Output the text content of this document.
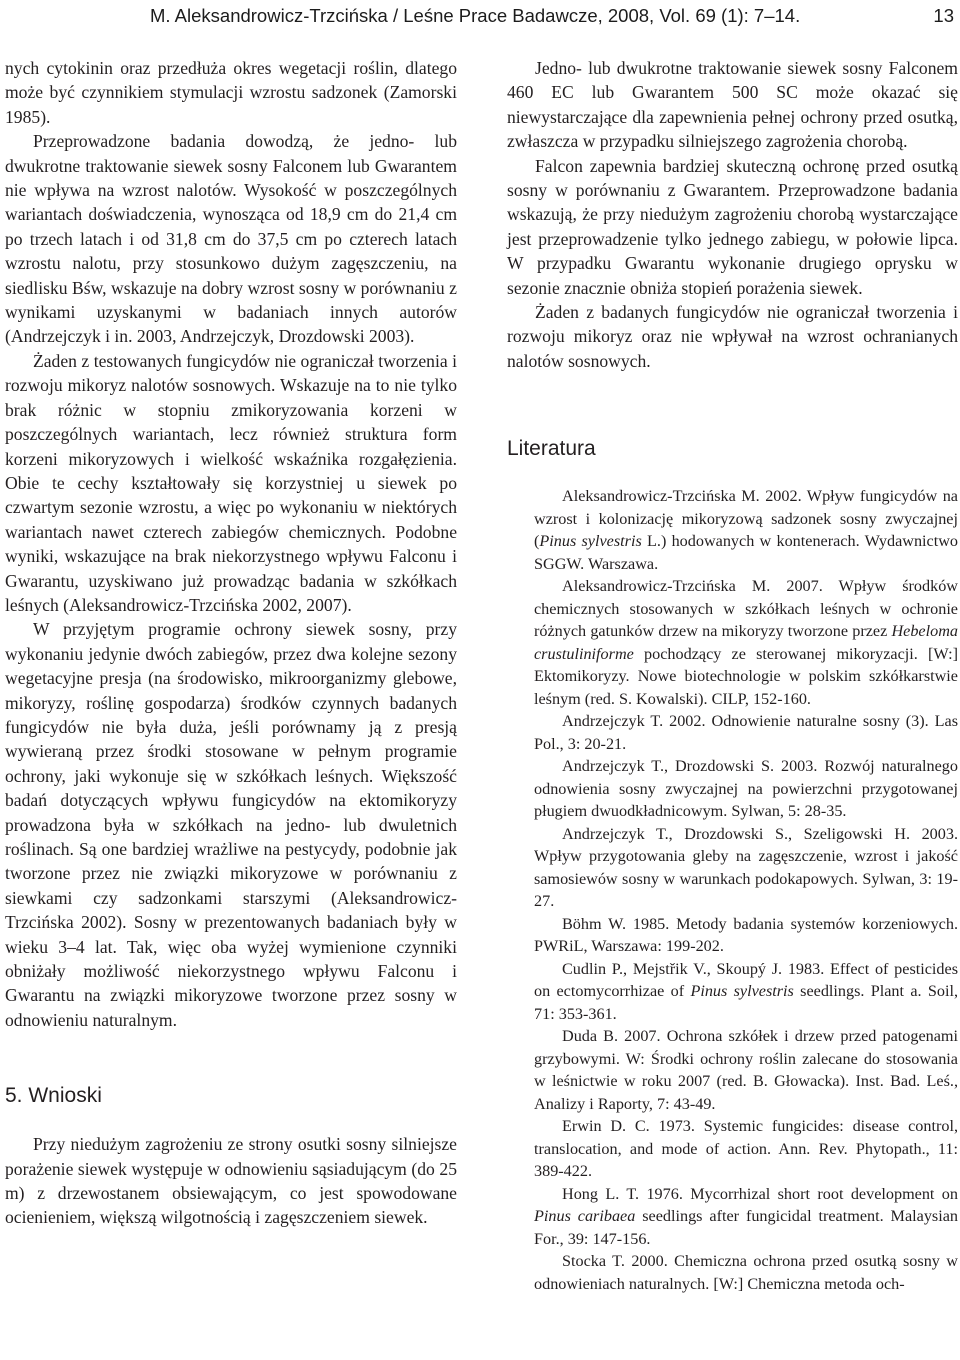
M. Aleksandrowicz-Trzcińska / Leśne Prace Badawcze, 2008, Vol. 69 (1): 7–14.	13

nych cytokinin oraz przedłuża okres wegetacji roślin, dlatego może być czynnikiem stymulacji wzrostu sadzonek (Zamorski 1985).

Przeprowadzone badania dowodzą, że jedno- lub dwukrotne traktowanie siewek sosny Falconem lub Gwarantem nie wpływa na wzrost nalotów. Wysokość w poszczególnych wariantach doświadczenia, wynosząca od 18,9 cm do 21,4 cm po trzech latach i od 31,8 cm do 37,5 cm po czterech latach wzrostu nalotu, przy stosunkowo dużym zagęszczeniu, na siedlisku Bśw, wskazuje na dobry wzrost sosny w porównaniu z wynikami uzyskanymi w badaniach innych autorów (Andrzejczyk i in. 2003, Andrzejczyk, Drozdowski 2003).

Żaden z testowanych fungicydów nie ograniczał tworzenia i rozwoju mikoryz nalotów sosnowych. Wskazuje na to nie tylko brak różnic w stopniu zmikoryzowania korzeni w poszczególnych wariantach, lecz również struktura form korzeni mikoryzowych i wielkość wskaźnika rozgałęzienia. Obie te cechy kształtowały się korzystniej u siewek po czwartym sezonie wzrostu, a więc po wykonaniu w niektórych wariantach nawet czterech zabiegów chemicznych. Podobne wyniki, wskazujące na brak niekorzystnego wpływu Falconu i Gwarantu, uzyskiwano już prowadząc badania w szkółkach leśnych (Aleksandrowicz-Trzcińska 2002, 2007).

W przyjętym programie ochrony siewek sosny, przy wykonaniu jedynie dwóch zabiegów, przez dwa kolejne sezony wegetacyjne presja (na środowisko, mikroorganizmy glebowe, mikoryzy, roślinę gospodarza) środków czynnych badanych fungicydów nie była duża, jeśli porównamy ją z presją wywieraną przez środki stosowane w pełnym programie ochrony, jaki wykonuje się w szkółkach leśnych. Większość badań dotyczących wpływu fungicydów na ektomikoryzy prowadzona była w szkółkach na jedno- lub dwuletnich roślinach. Są one bardziej wrażliwe na pestycydy, podobnie jak tworzone przez nie związki mikoryzowe w porównaniu z siewkami czy sadzonkami starszymi (Aleksandrowicz-Trzcińska 2002). Sosny w prezentowanych badaniach były w wieku 3–4 lat. Tak, więc oba wyżej wymienione czynniki obniżały możliwość niekorzystnego wpływu Falconu i Gwarantu na związki mikoryzowe tworzone przez sosny w odnowieniu naturalnym.

5. Wnioski

Przy niedużym zagrożeniu ze strony osutki sosny silniejsze porażenie siewek występuje w odnowieniu sąsiadującym (do 25 m) z drzewostanem obsiewającym, co jest spowodowane ocienieniem, większą wilgotnością i zagęszczeniem siewek.

Jedno- lub dwukrotne traktowanie siewek sosny Falconem 460 EC lub Gwarantem 500 SC może okazać się niewystarczające dla zapewnienia pełnej ochrony przed osutką, zwłaszcza w przypadku silniejszego zagrożenia chorobą.

Falcon zapewnia bardziej skuteczną ochronę przed osutką sosny w porównaniu z Gwarantem. Przeprowadzone badania wskazują, że przy niedużym zagrożeniu chorobą wystarczające jest przeprowadzenie tylko jednego zabiegu, w połowie lipca. W przypadku Gwarantu wykonanie drugiego oprysku w sezonie znacznie obniża stopień porażenia siewek.

Żaden z badanych fungicydów nie ograniczał tworzenia i rozwoju mikoryz oraz nie wpływał na wzrost ochranianych nalotów sosnowych.

Literatura

Aleksandrowicz-Trzcińska M. 2002. Wpływ fungicydów na wzrost i kolonizację mikoryzową sadzonek sosny zwyczajnej (Pinus sylvestris L.) hodowanych w kontenerach. Wydawnictwo SGGW. Warszawa.

Aleksandrowicz-Trzcińska M. 2007. Wpływ środków chemicznych stosowanych w szkółkach leśnych w ochronie różnych gatunków drzew na mikoryzy tworzone przez Hebeloma crustuliniforme pochodzący ze sterowanej mikoryzacji. [W:] Ektomikoryzy. Nowe biotechnologie w polskim szkółkarstwie leśnym (red. S. Kowalski). CILP, 152-160.

Andrzejczyk T. 2002. Odnowienie naturalne sosny (3). Las Pol., 3: 20-21.

Andrzejczyk T., Drozdowski S. 2003. Rozwój naturalnego odnowienia sosny zwyczajnej na powierzchni przygotowanej pługiem dwuodkładnicowym. Sylwan, 5: 28-35.

Andrzejczyk T., Drozdowski S., Szeligowski H. 2003. Wpływ przygotowania gleby na zagęszczenie, wzrost i jakość samosiewów sosny w warunkach podokapowych. Sylwan, 3: 19-27.

Böhm W. 1985. Metody badania systemów korzeniowych. PWRiL, Warszawa: 199-202.

Cudlin P., Mejstřik V., Skoupý J. 1983. Effect of pesticides on ectomycorrhizae of Pinus sylvestris seedlings. Plant a. Soil, 71: 353-361.

Duda B. 2007. Ochrona szkółek i drzew przed patogenami grzybowymi. W: Środki ochrony roślin zalecane do stosowania w leśnictwie w roku 2007 (red. B. Głowacka). Inst. Bad. Leś., Analizy i Raporty, 7: 43-49.

Erwin D. C. 1973. Systemic fungicides: disease control, translocation, and mode of action. Ann. Rev. Phytopath., 11: 389-422.

Hong L. T. 1976. Mycorrhizal short root development on Pinus caribaea seedlings after fungicidal treatment. Malaysian For., 39: 147-156.

Stocka T. 2000. Chemiczna ochrona przed osutką sosny w odnowieniach naturalnych. [W:] Chemiczna metoda och-
